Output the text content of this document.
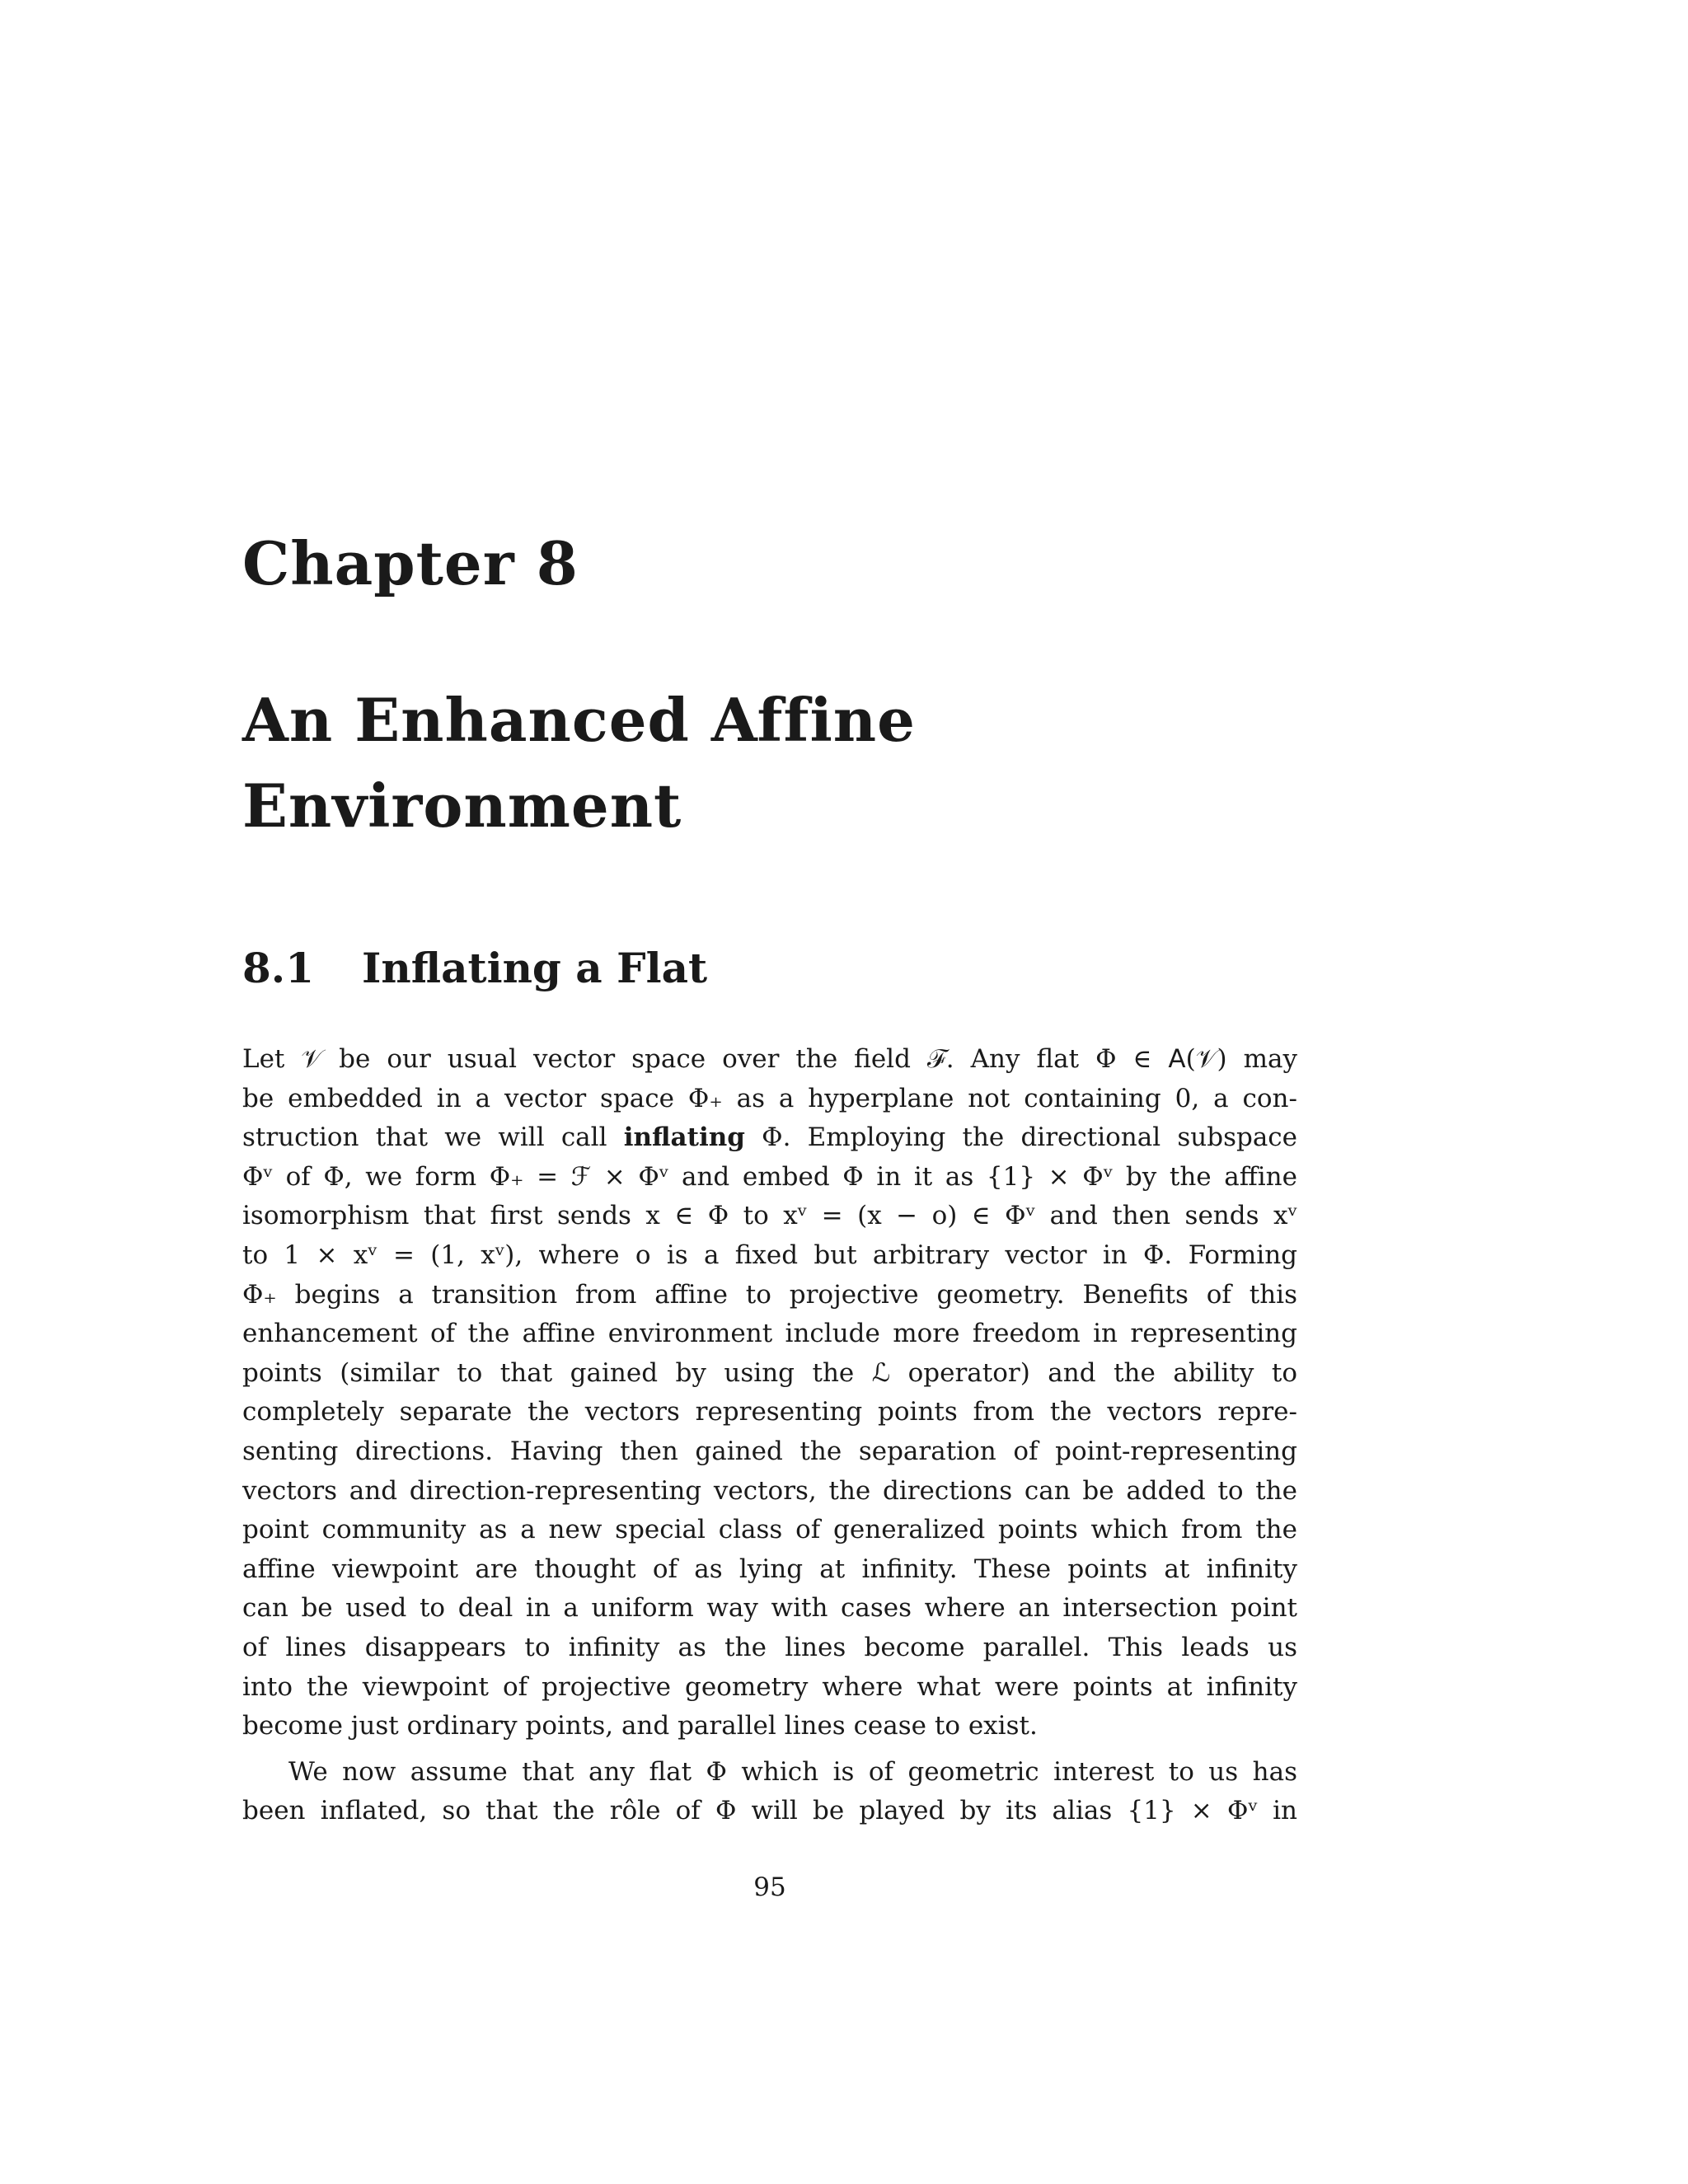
Chapter 8
An Enhanced Affine
Environment
8.1 Inflating a Flat
Let 𝒱 be our usual vector space over the field ℱ. Any flat Φ ∈ 𝖠(𝒱) may
be embedded in a vector space Φ₊ as a hyperplane not containing 0, a con-
struction that we will call inflating Φ. Employing the directional subspace
Φᵛ of Φ, we form Φ₊ = ℱ × Φᵛ and embed Φ in it as {1} × Φᵛ by the affine
isomorphism that first sends x ∈ Φ to xᵛ = (x − o) ∈ Φᵛ and then sends xᵛ
to 1 × xᵛ = (1, xᵛ), where o is a fixed but arbitrary vector in Φ. Forming
Φ₊ begins a transition from affine to projective geometry. Benefits of this
enhancement of the affine environment include more freedom in representing
points (similar to that gained by using the ℒ operator) and the ability to
completely separate the vectors representing points from the vectors repre-
senting directions. Having then gained the separation of point-representing
vectors and direction-representing vectors, the directions can be added to the
point community as a new special class of generalized points which from the
affine viewpoint are thought of as lying at infinity. These points at infinity
can be used to deal in a uniform way with cases where an intersection point
of lines disappears to infinity as the lines become parallel. This leads us
into the viewpoint of projective geometry where what were points at infinity
become just ordinary points, and parallel lines cease to exist.
We now assume that any flat Φ which is of geometric interest to us has
been inflated, so that the rôle of Φ will be played by its alias {1} × Φᵛ in
95
